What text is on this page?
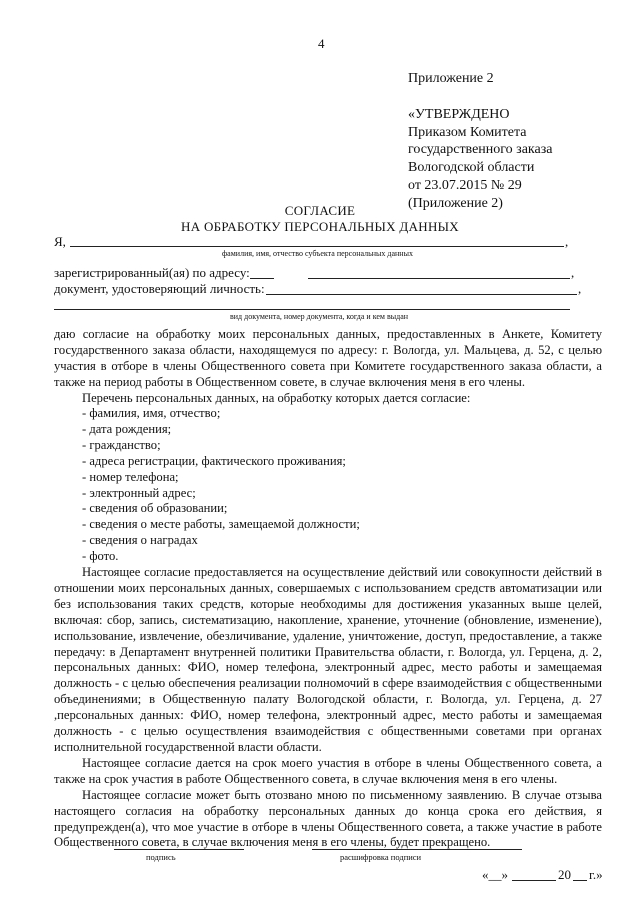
4
Приложение 2
«УТВЕРЖДЕНО
Приказом Комитета
государственного заказа
Вологодской области
от 23.07.2015 № 29
(Приложение 2)
СОГЛАСИЕ
НА ОБРАБОТКУ ПЕРСОНАЛЬНЫХ ДАННЫХ
Я,	,
фамилия, имя, отчество субъекта персональных данных
зарегистрированный(ая) по адресу:	,
документ, удостоверяющий личность:	,
вид документа, номер документа, когда и кем выдан

даю согласие на обработку моих персональных данных, предоставленных в Анкете, Комитету государственного заказа области, находящемуся по адресу: г. Вологда, ул. Мальцева, д. 52, с целью участия в отборе в члены Общественного совета при Комитете государственного заказа области, а также на период работы в Общественном совете, в случае включения меня в его члены.

Перечень персональных данных, на обработку которых дается согласие:

- фамилия, имя, отчество;
- дата рождения;
- гражданство;
- адреса регистрации, фактического проживания;
- номер телефона;
- электронный адрес;
- сведения об образовании;
- сведения о месте работы, замещаемой должности;
- сведения о наградах
- фото.

Настоящее согласие предоставляется на осуществление действий или совокупности действий в отношении моих персональных данных, совершаемых с использованием средств автоматизации или без использования таких средств, которые необходимы для достижения указанных выше целей, включая: сбор, запись, систематизацию, накопление, хранение, уточнение (обновление, изменение), использование, извлечение, обезличивание, удаление, уничтожение, доступ, предоставление, а также передачу: в Департамент внутренней политики Правительства области, г. Вологда, ул. Герцена, д. 2, персональных данных: ФИО, номер телефона, электронный адрес, место работы и замещаемая должность - с целью обеспечения реализации полномочий в сфере взаимодействия с общественными объединениями; в Общественную палату Вологодской области, г. Вологда, ул. Герцена, д. 27 ,персональных данных: ФИО, номер телефона, электронный адрес, место работы и замещаемая должность - с целью осуществления взаимодействия с общественными советами при органах исполнительной государственной власти области.

Настоящее согласие дается на срок моего участия в отборе в члены Общественного совета, а также на срок участия в работе Общественного совета, в случае включения меня в его члены.

Настоящее согласие может быть отозвано мною по письменному заявлению. В случае отзыва настоящего согласия на обработку персональных данных до конца срока его действия, я предупрежден(а), что мое участие в отборе в члены Общественного совета, а также участие в работе Общественного совета, в случае включения меня в его члены, будет прекращено.

подпись	расшифровка подписи
«__»	20 г.»
